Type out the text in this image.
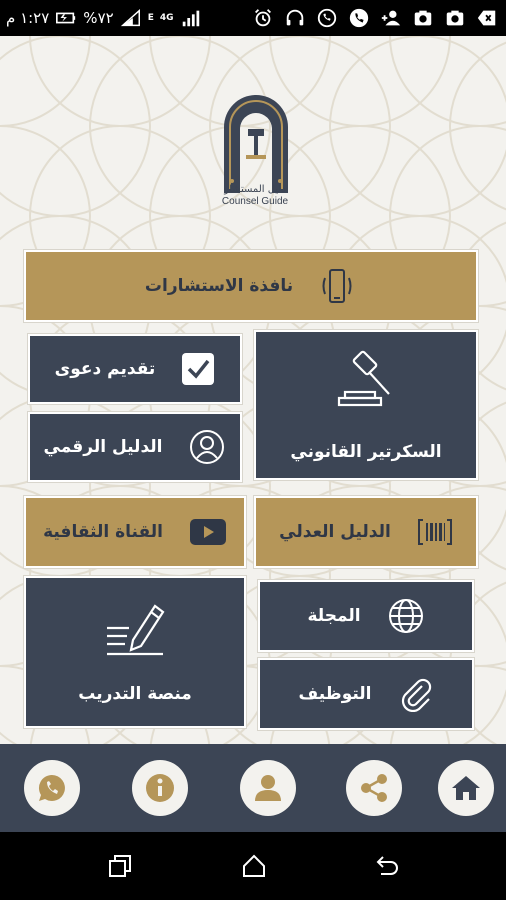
١:٢٧ م %٧٢	E 4G
دليل المستشار
Counsel Guide
نافذة الاستشارات
السكرتير القانوني
تقديم دعوى
الدليل الرقمي
الدليل العدلي
القناة الثقافية
المجلة
منصة التدريب	التوظيف
